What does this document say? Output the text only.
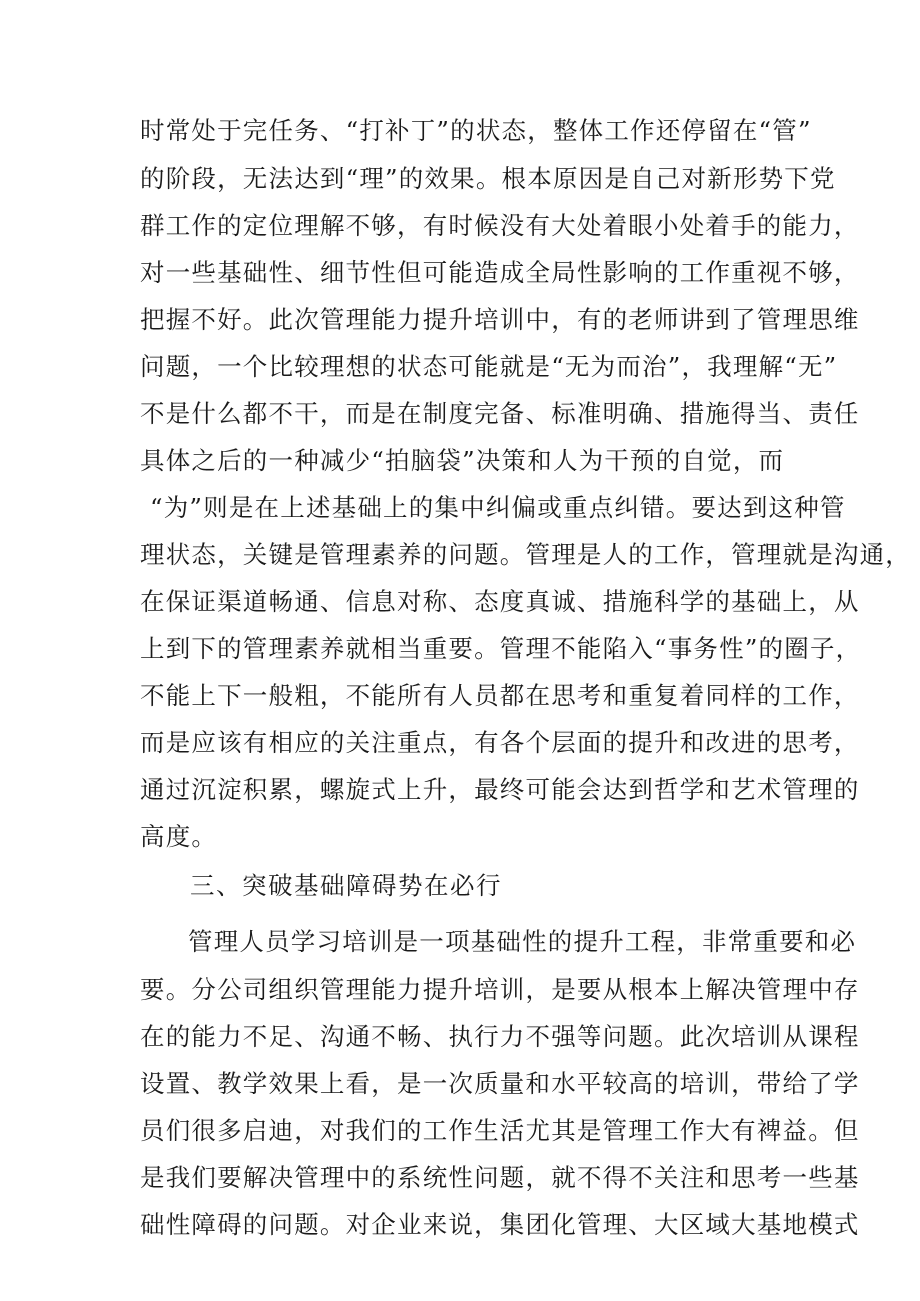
时常处于完任务、“打补丁”的状态，整体工作还停留在“管”
的阶段，无法达到“理”的效果。根本原因是自己对新形势下党
群工作的定位理解不够，有时候没有大处着眼小处着手的能力，
对一些基础性、细节性但可能造成全局性影响的工作重视不够，
把握不好。此次管理能力提升培训中，有的老师讲到了管理思维
问题，一个比较理想的状态可能就是“无为而治”，我理解“无”
不是什么都不干，而是在制度完备、标准明确、措施得当、责任
具体之后的一种减少“拍脑袋”决策和人为干预的自觉，而
“为”则是在上述基础上的集中纠偏或重点纠错。要达到这种管
理状态，关键是管理素养的问题。管理是人的工作，管理就是沟通，
在保证渠道畅通、信息对称、态度真诚、措施科学的基础上，从
上到下的管理素养就相当重要。管理不能陷入“事务性”的圈子，
不能上下一般粗，不能所有人员都在思考和重复着同样的工作，
而是应该有相应的关注重点，有各个层面的提升和改进的思考，
通过沉淀积累，螺旋式上升，最终可能会达到哲学和艺术管理的
高度。
三、突破基础障碍势在必行
管理人员学习培训是一项基础性的提升工程，非常重要和必
要。分公司组织管理能力提升培训，是要从根本上解决管理中存
在的能力不足、沟通不畅、执行力不强等问题。此次培训从课程
设置、教学效果上看，是一次质量和水平较高的培训，带给了学
员们很多启迪，对我们的工作生活尤其是管理工作大有裨益。但
是我们要解决管理中的系统性问题，就不得不关注和思考一些基
础性障碍的问题。对企业来说，集团化管理、大区域大基地模式
